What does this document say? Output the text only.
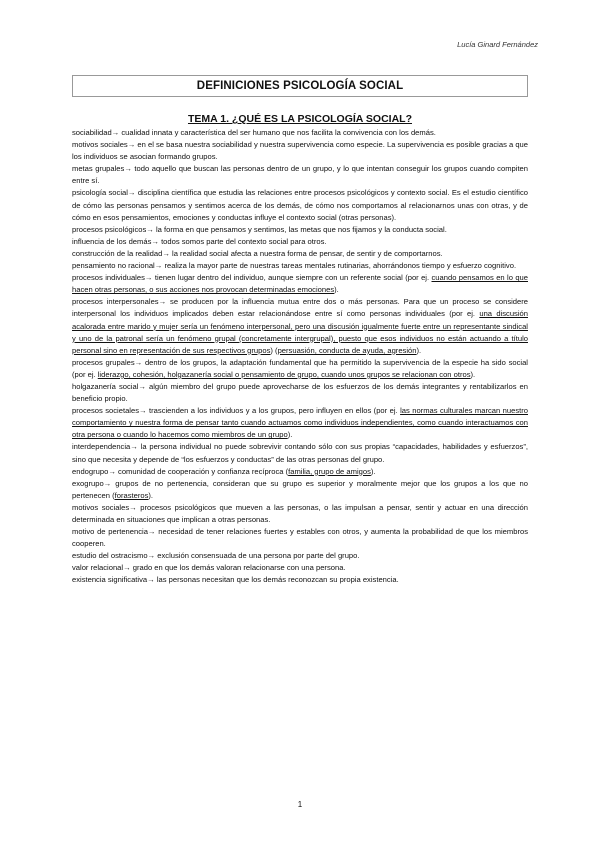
Lucía Ginard Fernández
DEFINICIONES PSICOLOGÍA SOCIAL
TEMA 1. ¿QUÉ ES LA PSICOLOGÍA SOCIAL?

sociabilidad→ cualidad innata y característica del ser humano que nos facilita la convivencia con los demás.

motivos sociales→ en el se basa nuestra sociabilidad y nuestra supervivencia como especie. La supervivencia es posible gracias a que los individuos se asocian formando grupos.

metas grupales→ todo aquello que buscan las personas dentro de un grupo, y lo que intentan conseguir los grupos cuando compiten entre sí.

psicología social→ disciplina científica que estudia las relaciones entre procesos psicológicos y contexto social. Es el estudio científico de cómo las personas pensamos y sentimos acerca de los demás, de cómo nos comportamos al relacionarnos unas con otras, y de cómo en esos pensamientos, emociones y conductas influye el contexto social (otras personas).

procesos psicológicos→ la forma en que pensamos y sentimos, las metas que nos fijamos y la conducta social.

influencia de los demás→ todos somos parte del contexto social para otros.

construcción de la realidad→ la realidad social afecta a nuestra forma de pensar, de sentir y de comportarnos.

pensamiento no racional→ realiza la mayor parte de nuestras tareas mentales rutinarias, ahorrándonos tiempo y esfuerzo cognitivo.

procesos individuales→ tienen lugar dentro del individuo, aunque siempre con un referente social (por ej. cuando pensamos en lo que hacen otras personas, o sus acciones nos provocan determinadas emociones).

procesos interpersonales→ se producen por la influencia mutua entre dos o más personas. Para que un proceso se considere interpersonal los individuos implicados deben estar relacionándose entre sí como personas individuales (por ej. una discusión acalorada entre marido y mujer sería un fenómeno interpersonal, pero una discusión igualmente fuerte entre un representante sindical y uno de la patronal sería un fenómeno grupal (concretamente intergrupal), puesto que esos individuos no están actuando a título personal sino en representación de sus respectivos grupos) (persuasión, conducta de ayuda, agresión).

procesos grupales→ dentro de los grupos, la adaptación fundamental que ha permitido la supervivencia de la especie ha sido social (por ej. liderazgo, cohesión, holgazanería social o pensamiento de grupo, cuando unos grupos se relacionan con otros).

holgazanería social→ algún miembro del grupo puede aprovecharse de los esfuerzos de los demás integrantes y rentabilizarlos en beneficio propio.

procesos societales→ trascienden a los individuos y a los grupos, pero influyen en ellos (por ej. las normas culturales marcan nuestro comportamiento y nuestra forma de pensar tanto cuando actuamos como individuos independientes, como cuando interactuamos con otra persona o cuando lo hacemos como miembros de un grupo).

interdependencia→ la persona individual no puede sobrevivir contando sólo con sus propias “capacidades, habilidades y esfuerzos”, sino que necesita y depende de “los esfuerzos y conductas” de las otras personas del grupo.

endogrupo→ comunidad de cooperación y confianza recíproca (familia, grupo de amigos).

exogrupo→ grupos de no pertenencia, consideran que su grupo es superior y moralmente mejor que los grupos a los que no pertenecen (forasteros).

motivos sociales→ procesos psicológicos que mueven a las personas, o las impulsan a pensar, sentir y actuar en una dirección determinada en situaciones que implican a otras personas.

motivo de pertenencia→ necesidad de tener relaciones fuertes y estables con otros, y aumenta la probabilidad de que los miembros cooperen.

estudio del ostracismo→ exclusión consensuada de una persona por parte del grupo.

valor relacional→ grado en que los demás valoran relacionarse con una persona.

existencia significativa→ las personas necesitan que los demás reconozcan su propia existencia.

1
